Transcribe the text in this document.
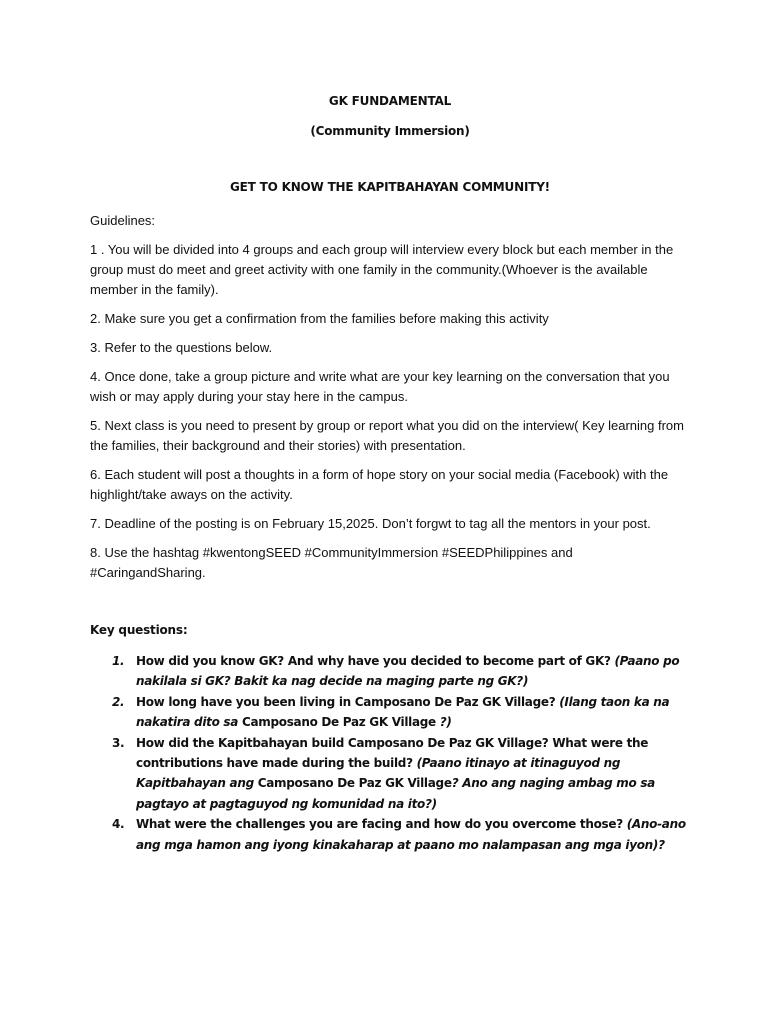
GK FUNDAMENTAL
(Community Immersion)
GET TO KNOW THE KAPITBAHAYAN COMMUNITY!
Guidelines:

1 . You will be divided into 4 groups and each group will interview every block but each member in the group must do meet and greet activity with one family in the community.(Whoever is the available member in the family).

2. Make sure you get a confirmation from the families before making this activity

3. Refer to the questions below.

4. Once done, take a group picture and write what are your key learning on the conversation that you wish or may apply during your stay here in the campus.

5. Next class is you need to present by group or report what you did on the interview( Key learning from the families, their background and their stories) with presentation.

6. Each student will post a thoughts in a form of hope story on your social media (Facebook) with the highlight/take aways on the activity.

7. Deadline of the posting is on February 15,2025. Don’t forgwt to tag all the mentors in your post.

8. Use the hashtag #kwentongSEED #CommunityImmersion #SEEDPhilippines and #CaringandSharing.

Key questions:
1. How did you know GK? And why have you decided to become part of GK? (Paano po nakilala si GK? Bakit ka nag decide na maging parte ng GK?)
2. How long have you been living in Camposano De Paz GK Village? (Ilang taon ka na nakatira dito sa Camposano De Paz GK Village ?)
3. How did the Kapitbahayan build Camposano De Paz GK Village? What were the contributions have made during the build? (Paano itinayo at itinaguyod ng Kapitbahayan ang Camposano De Paz GK Village? Ano ang naging ambag mo sa pagtayo at pagtaguyod ng komunidad na ito?)
4. What were the challenges you are facing and how do you overcome those? (Ano-ano ang mga hamon ang iyong kinakaharap at paano mo nalampasan ang mga iyon)?
